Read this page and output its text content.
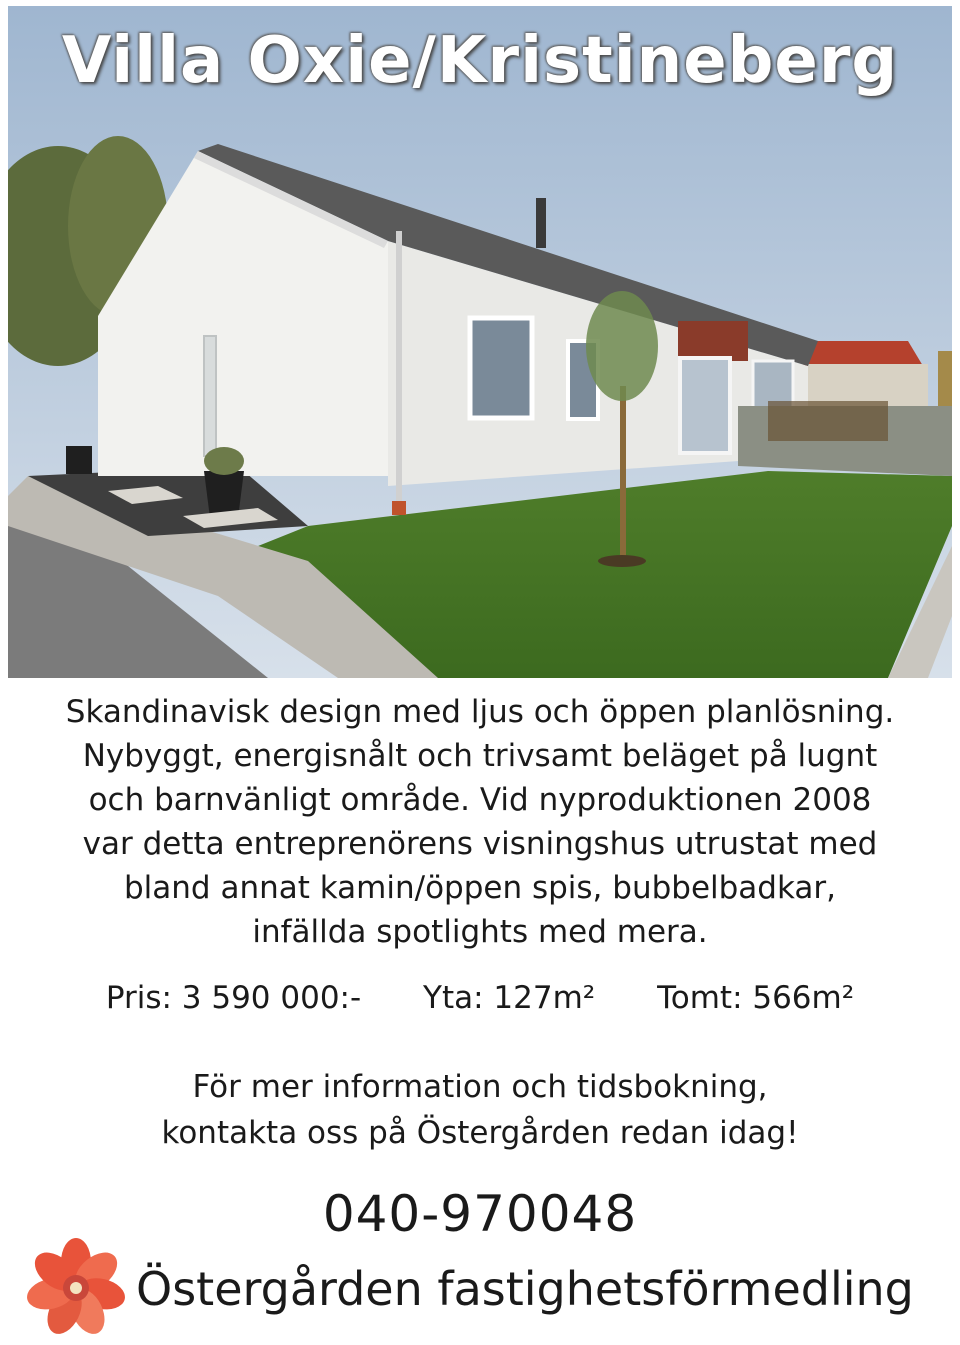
Villa Oxie/Kristineberg
Skandinavisk design med ljus och öppen planlösning.
Nybyggt, energisnålt och trivsamt beläget på lugnt
och barnvänligt område. Vid nyproduktionen 2008
var detta entreprenörens visningshus utrustat med
bland annat kamin/öppen spis, bubbelbadkar,
infällda spotlights med mera.
Pris: 3 590 000:- Yta: 127m² Tomt: 566m²
För mer information och tidsbokning,
kontakta oss på Östergården redan idag!
040-970048
Östergården fastighetsförmedling
